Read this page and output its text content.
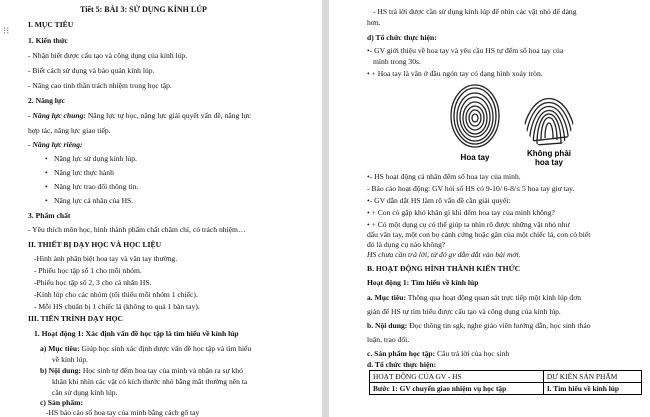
⁝⁝
Tiết 5: BÀI 3: SỬ DỤNG KÍNH LÚP
I. MỤC TIÊU
1. Kiến thức
- Nhận biết được cấu tạo và công dụng của kính lúp.
- Biết cách sử dụng và bảo quản kính lúp.
- Nâng cao tinh thần trách nhiệm trong học tập.
2. Năng lực
- Năng lực chung: Năng lực tự học, năng lực giải quyết vấn đề, năng lực
hợp tác, năng lực giao tiếp.
- Năng lực riêng:
• Năng lực sử dụng kính lúp.
• Năng lực thực hành
• Năng lực trao đổi thông tin.
• Năng lực cá nhân của HS.
3. Phẩm chất
- Yêu thích môn học, hình thành phẩm chất chăm chỉ, có trách nhiệm…
II. THIẾT BỊ DẠY HỌC VÀ HỌC LIỆU
-Hình ảnh phân biệt hoa tay và vân tay thường.
- Phiếu học tập số 1 cho mỗi nhóm.
-Phiếu học tập số 2, 3 cho cá nhân HS.
-Kính lúp cho các nhóm (tối thiểu mỗi nhóm 1 chiếc).
- Mỗi HS chuẩn bị 1 chiếc lá (không to quá 1 bàn tay).
III. TIẾN TRÌNH DẠY HỌC
1. Hoạt động 1: Xác định vấn đề học tập là tìm hiểu về kính lúp
a) Mục tiêu: Giúp học sinh xác định được vấn đề học tập và tìm hiểu
về kính lúp.
b) Nội dung: Học sinh tự đếm hoa tay của mình và nhận ra sự khó
khăn khi nhìn các vật có kích thước nhỏ bằng mắt thường nên ta
cần sử dụng kính lúp.
c) Sản phẩm:
-HS báo cáo số hoa tay của mình bằng cách gõ tay
- HS trả lời được cần sử dụng kính lúp để nhìn các vật nhỏ để dàng
hơn.
d) Tổ chức thực hiện:
•- GV giới thiệu về hoa tay và yêu cầu HS tự đếm số hoa tay của
mình trong 30s.
• + Hoa tay là vân ở đầu ngón tay có dạng hình xoáy tròn.
Hoa tay	Không phải
hoa tay
•- HS hoạt động cá nhân đếm số hoa tay của mình.
- Báo cáo hoạt động: GV hỏi số HS có 9-10/ 6-8/≤ 5 hoa tay giơ tay.
•- GV dẫn dắt HS làm rõ vấn đề cần giải quyết:
• + Con có gặp khó khăn gì khi đếm hoa tay của mình không?
• + Có một dụng cụ có thể giúp ta nhìn rõ được những vật nhỏ như
dấu vân tay, một con bọ cánh cứng hoặc gân của một chiếc lá, con có biết
đó là dụng cụ nào không?
HS chưa cần trả lời, từ đó gv dẫn dắt vào bài mới.
B. HOẠT ĐỘNG HÌNH THÀNH KIẾN THỨC
Hoạt động 1: Tìm hiểu về kính lúp
a. Mục tiêu: Thông qua hoạt động quan sát trực tiếp một kính lúp đơn
giản để HS tự tìm hiểu được cấu tạo và công dụng của kính lúp.
b. Nội dung: Đọc thông tin sgk, nghe giáo viên hướng dẫn, học sinh thảo
luận, trao đổi.
c. Sản phẩm học tập: Câu trả lời của học sinh
d. Tổ chức thực hiện:
HOẠT ĐỘNG CỦA GV - HS	DỰ KIẾN SẢN PHẨM
Bước 1: GV chuyển giao nhiệm vụ học tập	I. Tìm hiểu về kính lúp
